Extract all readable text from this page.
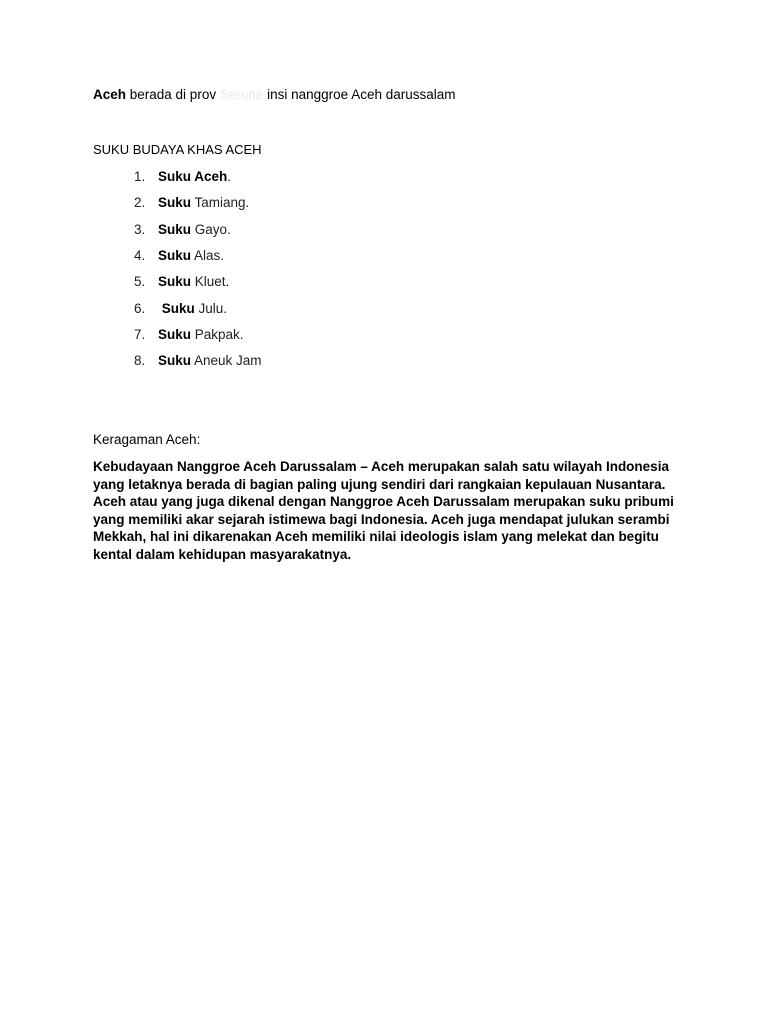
Aceh berada di prov Serune insi nanggroe Aceh darussalam
SUKU BUDAYA KHAS ACEH
1. Suku Aceh.
2. Suku Tamiang.
3. Suku Gayo.
4. Suku Alas.
5. Suku Kluet.
6. Suku Julu.
7. Suku Pakpak.
8. Suku Aneuk Jam
Keragaman Aceh:
Kebudayaan Nanggroe Aceh Darussalam – Aceh merupakan salah satu wilayah Indonesia yang letaknya berada di bagian paling ujung sendiri dari rangkaian kepulauan Nusantara. Aceh atau yang juga dikenal dengan Nanggroe Aceh Darussalam merupakan suku pribumi yang memiliki akar sejarah istimewa bagi Indonesia. Aceh juga mendapat julukan serambi Mekkah, hal ini dikarenakan Aceh memiliki nilai ideologis islam yang melekat dan begitu kental dalam kehidupan masyarakatnya.
